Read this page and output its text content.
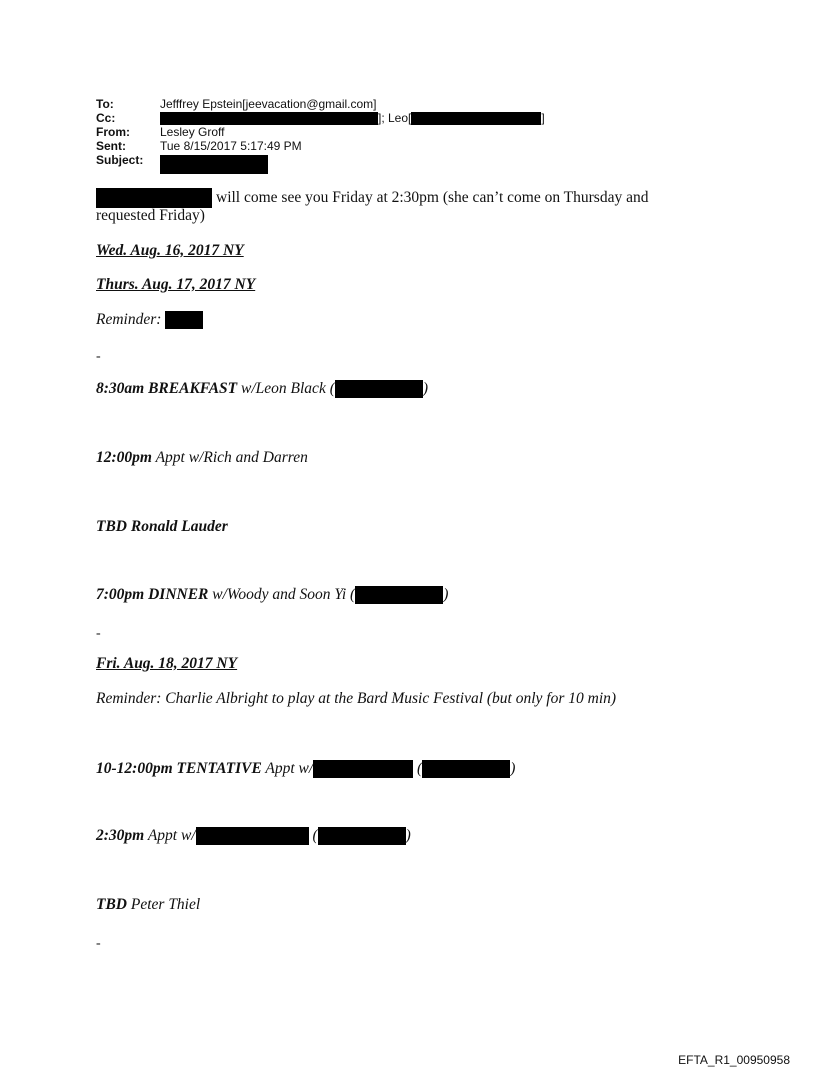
To:	Jefffrey Epstein[jeevacation@gmail.com]
Cc:	]; Leo[	]
From:	Lesley Groff
Sent:	Tue 8/15/2017 5:17:49 PM
Subject:
will come see you Friday at 2:30pm (she can’t come on Thursday and
requested Friday)
Wed. Aug. 16, 2017 NY
Thurs. Aug. 17, 2017 NY
Reminder:
-
8:30am BREAKFAST w/Leon Black (	)
12:00pm Appt w/Rich and Darren
TBD Ronald Lauder
7:00pm DINNER w/Woody and Soon Yi (	)
-
Fri. Aug. 18, 2017 NY
Reminder: Charlie Albright to play at the Bard Music Festival (but only for 10 min)
10-12:00pm TENTATIVE Appt w/	(	)
2:30pm Appt w/	(	)
TBD Peter Thiel
-
EFTA_R1_00950958
